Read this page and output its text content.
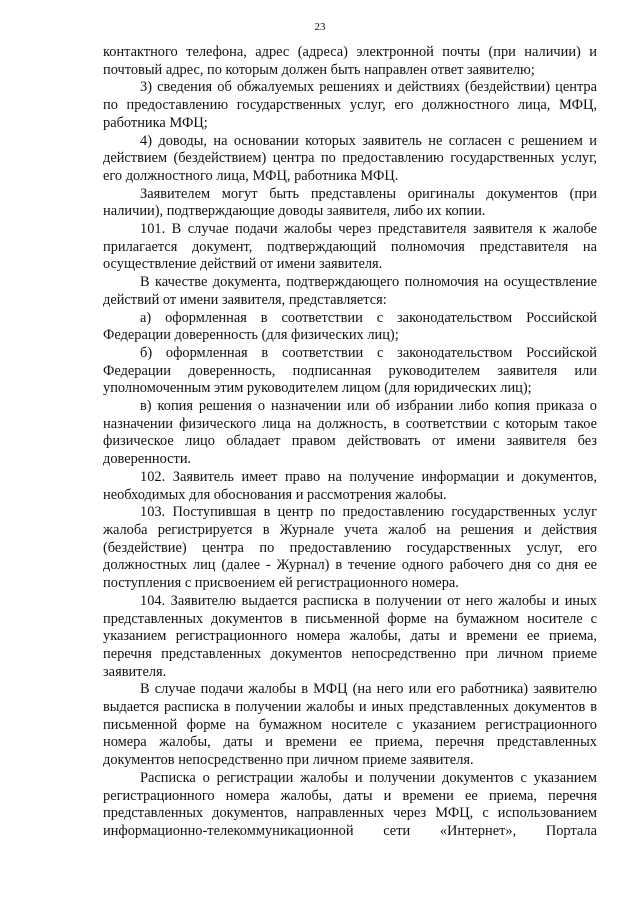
23

контактного телефона, адрес (адреса) электронной почты (при наличии) и почтовый адрес, по которым должен быть направлен ответ заявителю;

3) сведения об обжалуемых решениях и действиях (бездействии) центра по предоставлению государственных услуг, его должностного лица, МФЦ, работника МФЦ;

4) доводы, на основании которых заявитель не согласен с решением и действием (бездействием) центра по предоставлению государственных услуг, его должностного лица, МФЦ, работника МФЦ.

Заявителем могут быть представлены оригиналы документов (при наличии), подтверждающие доводы заявителя, либо их копии.

101. В случае подачи жалобы через представителя заявителя к жалобе прилагается документ, подтверждающий полномочия представителя на осуществление действий от имени заявителя.

В качестве документа, подтверждающего полномочия на осуществление действий от имени заявителя, представляется:

а) оформленная в соответствии с законодательством Российской Федерации доверенность (для физических лиц);

б) оформленная в соответствии с законодательством Российской Федерации доверенность, подписанная руководителем заявителя или уполномоченным этим руководителем лицом (для юридических лиц);

в) копия решения о назначении или об избрании либо копия приказа о назначении физического лица на должность, в соответствии с которым такое физическое лицо обладает правом действовать от имени заявителя без доверенности.

102. Заявитель имеет право на получение информации и документов, необходимых для обоснования и рассмотрения жалобы.

103. Поступившая в центр по предоставлению государственных услуг жалоба регистрируется в Журнале учета жалоб на решения и действия (бездействие) центра по предоставлению государственных услуг, его должностных лиц (далее - Журнал) в течение одного рабочего дня со дня ее поступления с присвоением ей регистрационного номера.

104. Заявителю выдается расписка в получении от него жалобы и иных представленных документов в письменной форме на бумажном носителе с указанием регистрационного номера жалобы, даты и времени ее приема, перечня представленных документов непосредственно при личном приеме заявителя.

В случае подачи жалобы в МФЦ (на него или его работника) заявителю выдается расписка в получении жалобы и иных представленных документов в письменной форме на бумажном носителе с указанием регистрационного номера жалобы, даты и времени ее приема, перечня представленных документов непосредственно при личном приеме заявителя.

Расписка о регистрации жалобы и получении документов с указанием регистрационного номера жалобы, даты и времени ее приема, перечня представленных документов, направленных через МФЦ, с использованием информационно-телекоммуникационной сети «Интернет», Портала
